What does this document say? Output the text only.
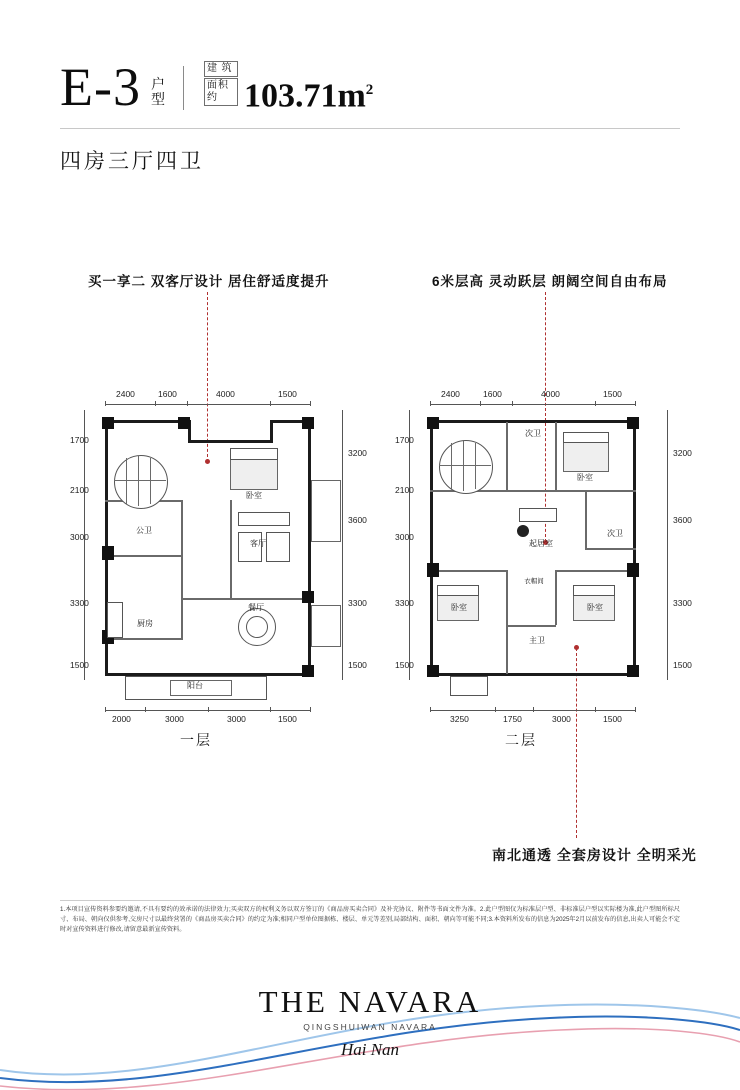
E-3 户型
建 筑
面积约 $103.71m^2$
四房三厅四卫
买一享二 双客厅设计 居住舒适度提升	6米层高 灵动跃层 朗阔空间自由布局
南北通透 全套房设计 全明采光
2400	1600	4000	1500
1700
2100
3000
3300
1500
3200
3600
3300
1500
卧室
客厅
餐厅
公卫
厨房
阳台
2000	3000	3000	1500
一层
2400	1600	4000	1500
1700
2100
3000
3300
1500
3200
3600
3300
1500
次卫
卧室
起居室
次卫
卧室	卧室
主卫
衣帽间
3250	1750	3000	1500
二层
1.本项目宣传资料参要约邀请,不具有要约的效承诺的法律效力;买卖双方的权利义务以双方签订的《商品房买卖合同》及补充协议、附件等书面文件为准。2.此户型图仅为标准层户型、非标准层户型以实际楼为准,此户型图所标尺寸、布局、朝向仅供参考,交房尺寸以最终营署的《商品房买卖合同》的约定为准;相同户型单位图据栋、楼层、单元等差别,局部结构、面积、朝向等可能不同;3.本资料所发布的信息为2025年2月以前发布的信息,出卖人可能会不定时对宣传资料进行修改,请留意最新宣传资料。
THE NAVARA
QINGSHUIWAN NAVARA
Hai Nan
